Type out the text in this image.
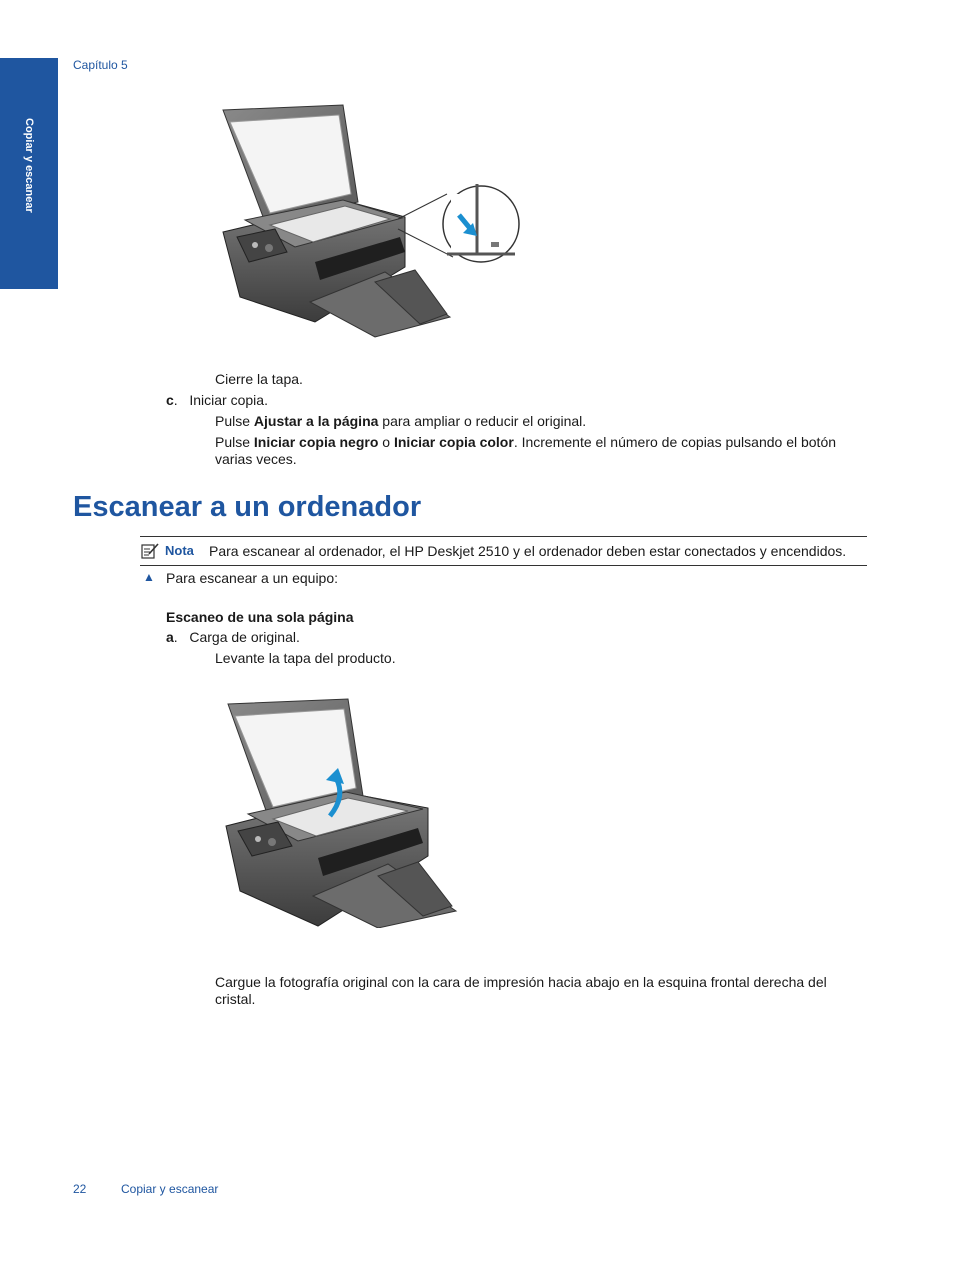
Copiar y escanear
Capítulo 5
Cierre la tapa.
c.   Iniciar copia.
Pulse Ajustar a la página para ampliar o reducir el original.
Pulse Iniciar copia negro o Iniciar copia color. Incremente el número de copias pulsando el botón varias veces.
Escanear a un ordenador
Nota Para escanear al ordenador, el HP Deskjet 2510 y el ordenador deben estar conectados y encendidos.
▲ Para escanear a un equipo:
Escaneo de una sola página
a.   Carga de original.
Levante la tapa del producto.
Cargue la fotografía original con la cara de impresión hacia abajo en la esquina frontal derecha del cristal.
22	Copiar y escanear
